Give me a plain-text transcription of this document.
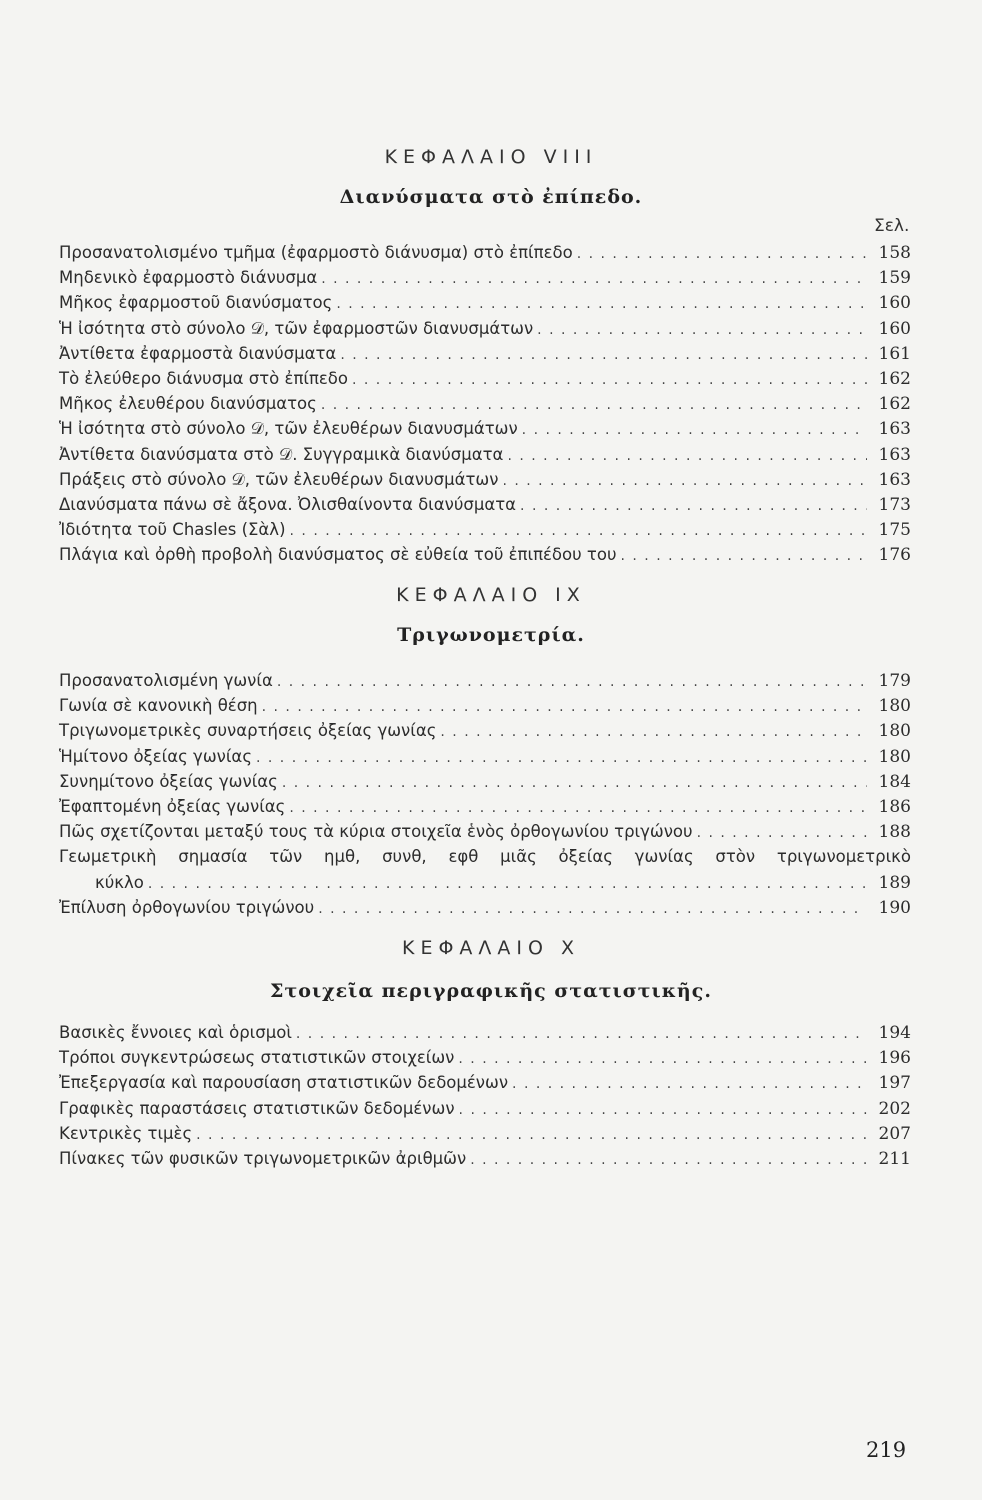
ΚΕΦΑΛΑΙΟ VIII
Διανύσματα στὸ ἐπίπεδο.
Σελ.
Προσανατολισμένο τμῆμα (ἐφαρμοστὸ διάνυσμα) στὸ ἐπίπεδο . . .	158
Μηδενικὸ ἐφαρμοστὸ διάνυσμα . . .	159
Μῆκος ἐφαρμοστοῦ διανύσματος . . .	160
Ἡ ἰσότητα στὸ σύνολο 𝒟, τῶν ἐφαρμοστῶν διανυσμάτων . . .	160
Ἀντίθετα ἐφαρμοστὰ διανύσματα . . .	161
Τὸ ἐλεύθερο διάνυσμα στὸ ἐπίπεδο . . .	162
Μῆκος ἐλευθέρου διανύσματος . . .	162
Ἡ ἰσότητα στὸ σύνολο 𝒟, τῶν ἐλευθέρων διανυσμάτων . . .	163
Ἀντίθετα διανύσματα στὸ 𝒟. Συγγραμικὰ διανύσματα . . .	163
Πράξεις στὸ σύνολο 𝒟, τῶν ἐλευθέρων διανυσμάτων . . .	163
Διανύσματα πάνω σὲ ἄξονα. Ὀλισθαίνοντα διανύσματα . . .	173
Ἰδιότητα τοῦ Chasles (Σὰλ) . . .	175
Πλάγια καὶ ὀρθὴ προβολὴ διανύσματος σὲ εὐθεία τοῦ ἐπιπέδου του . . .	176
ΚΕΦΑΛΑΙΟ IX
Τριγωνομετρία.
Προσανατολισμένη γωνία . . .	179
Γωνία σὲ κανονικὴ θέση . . .	180
Τριγωνομετρικὲς συναρτήσεις ὀξείας γωνίας . . .	180
Ἡμίτονο ὀξείας γωνίας . . .	180
Συνημίτονο ὀξείας γωνίας . . .	184
Ἐφαπτομένη ὀξείας γωνίας . . .	186
Πῶς σχετίζονται μεταξύ τους τὰ κύρια στοιχεῖα ἑνὸς ὀρθογωνίου τριγώνου . . .	188
Γεωμετρικὴ σημασία τῶν ημθ, συνθ, εφθ μιᾶς ὀξείας γωνίας στὸν τριγωνομετρικὸ
κύκλο . . .	189
Ἐπίλυση ὀρθογωνίου τριγώνου . . .	190
ΚΕΦΑΛΑΙΟ Χ
Στοιχεῖα περιγραφικῆς στατιστικῆς.
Βασικὲς ἔννοιες καὶ ὁρισμοὶ . . .	194
Τρόποι συγκεντρώσεως στατιστικῶν στοιχείων . . .	196
Ἐπεξεργασία καὶ παρουσίαση στατιστικῶν δεδομένων . . .	197
Γραφικὲς παραστάσεις στατιστικῶν δεδομένων . . .	202
Κεντρικὲς τιμὲς . . .	207
Πίνακες τῶν φυσικῶν τριγωνομετρικῶν ἀριθμῶν . . .	211
219
